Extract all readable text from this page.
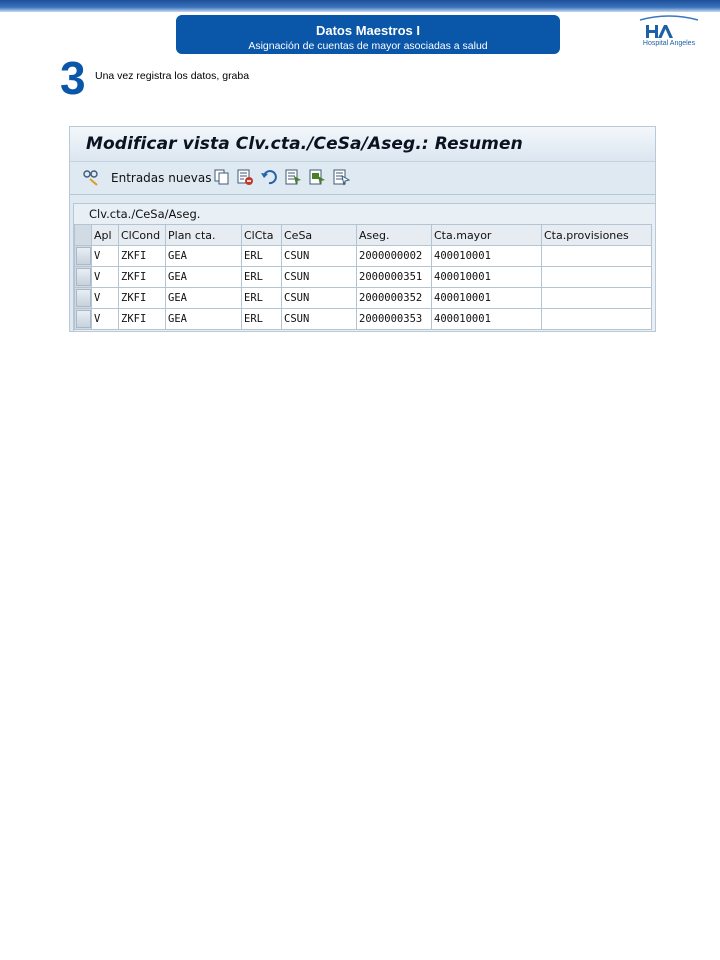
Datos Maestros I
Asignación de cuentas de mayor asociadas a salud	Hospital Angeles
3 Una vez registra los datos, graba
Modificar vista Clv.cta./CeSa/Aseg.: Resumen
Entradas nuevas
Clv.cta./CeSa/Aseg.
	Apl	ClCond	Plan cta.	ClCta	CeSa	Aseg.	Cta.mayor	Cta.provisiones

	V	ZKFI	GEA	ERL	CSUN	2000000002	400010001	

	V	ZKFI	GEA	ERL	CSUN	2000000351	400010001	

	V	ZKFI	GEA	ERL	CSUN	2000000352	400010001	

	V	ZKFI	GEA	ERL	CSUN	2000000353	400010001	
